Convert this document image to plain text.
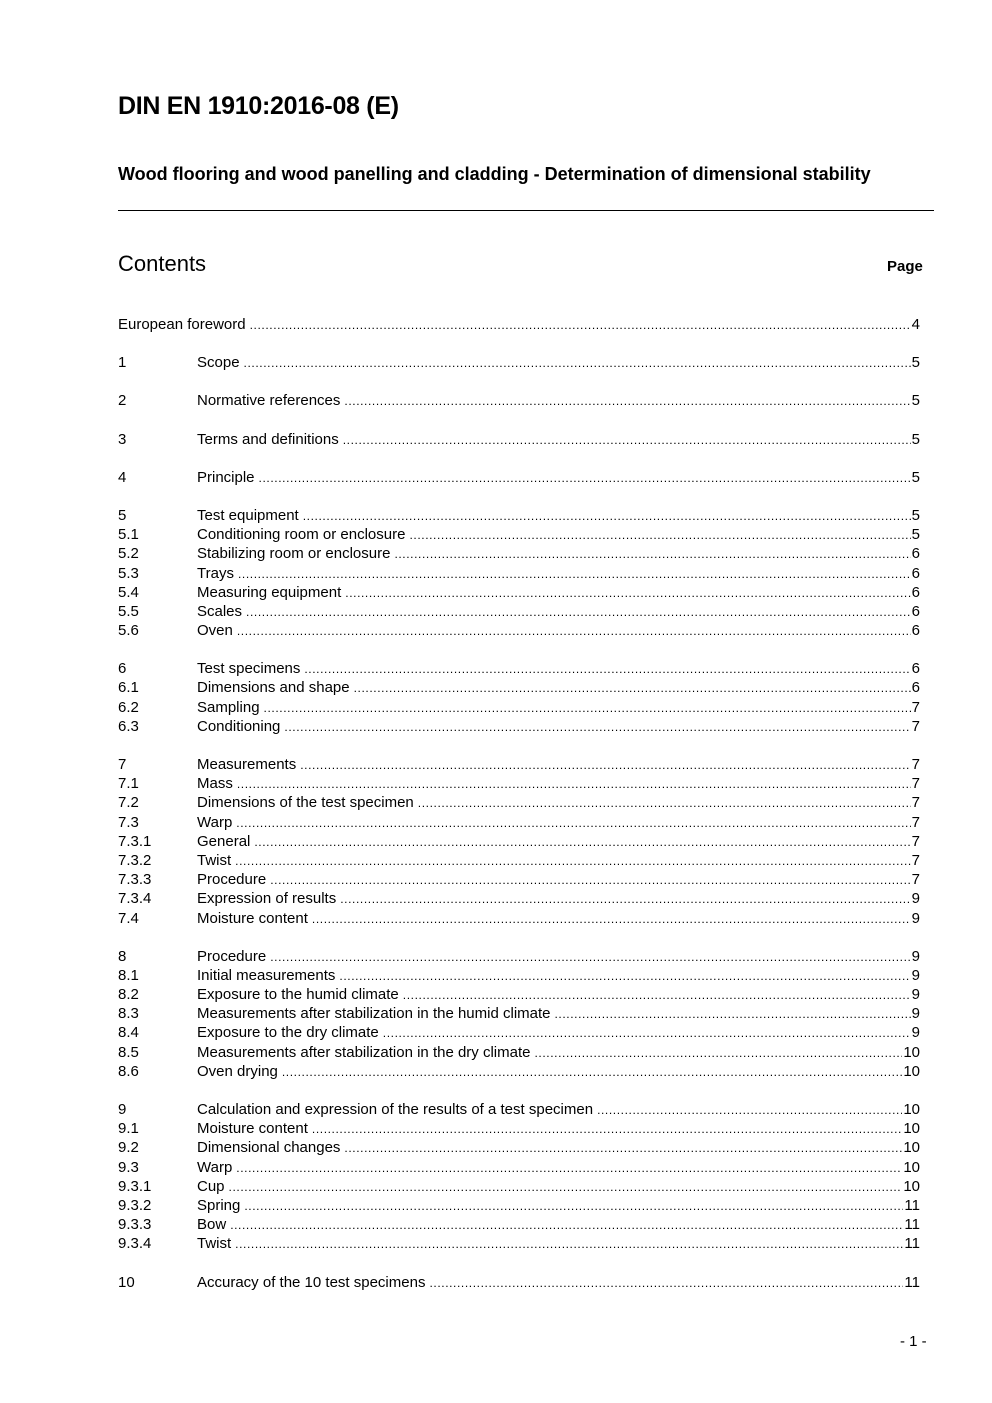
DIN EN 1910:2016-08 (E)
Wood flooring and wood panelling and cladding - Determination of dimensional stability
Contents	Page
European foreword .....	4
1	Scope .....	5
2	Normative references .....	5
3	Terms and definitions .....	5
4	Principle .....	5
5	Test equipment .....	5
5.1	Conditioning room or enclosure .....	5
5.2	Stabilizing room or enclosure .....	6
5.3	Trays .....	6
5.4	Measuring equipment .....	6
5.5	Scales .....	6
5.6	Oven .....	6
6	Test specimens .....	6
6.1	Dimensions and shape .....	6
6.2	Sampling .....	7
6.3	Conditioning .....	7
7	Measurements .....	7
7.1	Mass .....	7
7.2	Dimensions of the test specimen .....	7
7.3	Warp .....	7
7.3.1	General .....	7
7.3.2	Twist .....	7
7.3.3	Procedure .....	7
7.3.4	Expression of results .....	9
7.4	Moisture content .....	9
8	Procedure .....	9
8.1	Initial measurements .....	9
8.2	Exposure to the humid climate .....	9
8.3	Measurements after stabilization in the humid climate .....	9
8.4	Exposure to the dry climate .....	9
8.5	Measurements after stabilization in the dry climate .....	10
8.6	Oven drying .....	10
9	Calculation and expression of the results of a test specimen .....	10
9.1	Moisture content .....	10
9.2	Dimensional changes .....	10
9.3	Warp .....	10
9.3.1	Cup .....	10
9.3.2	Spring .....	11
9.3.3	Bow .....	11
9.3.4	Twist .....	11
10	Accuracy of the 10 test specimens .....	11
- 1 -
